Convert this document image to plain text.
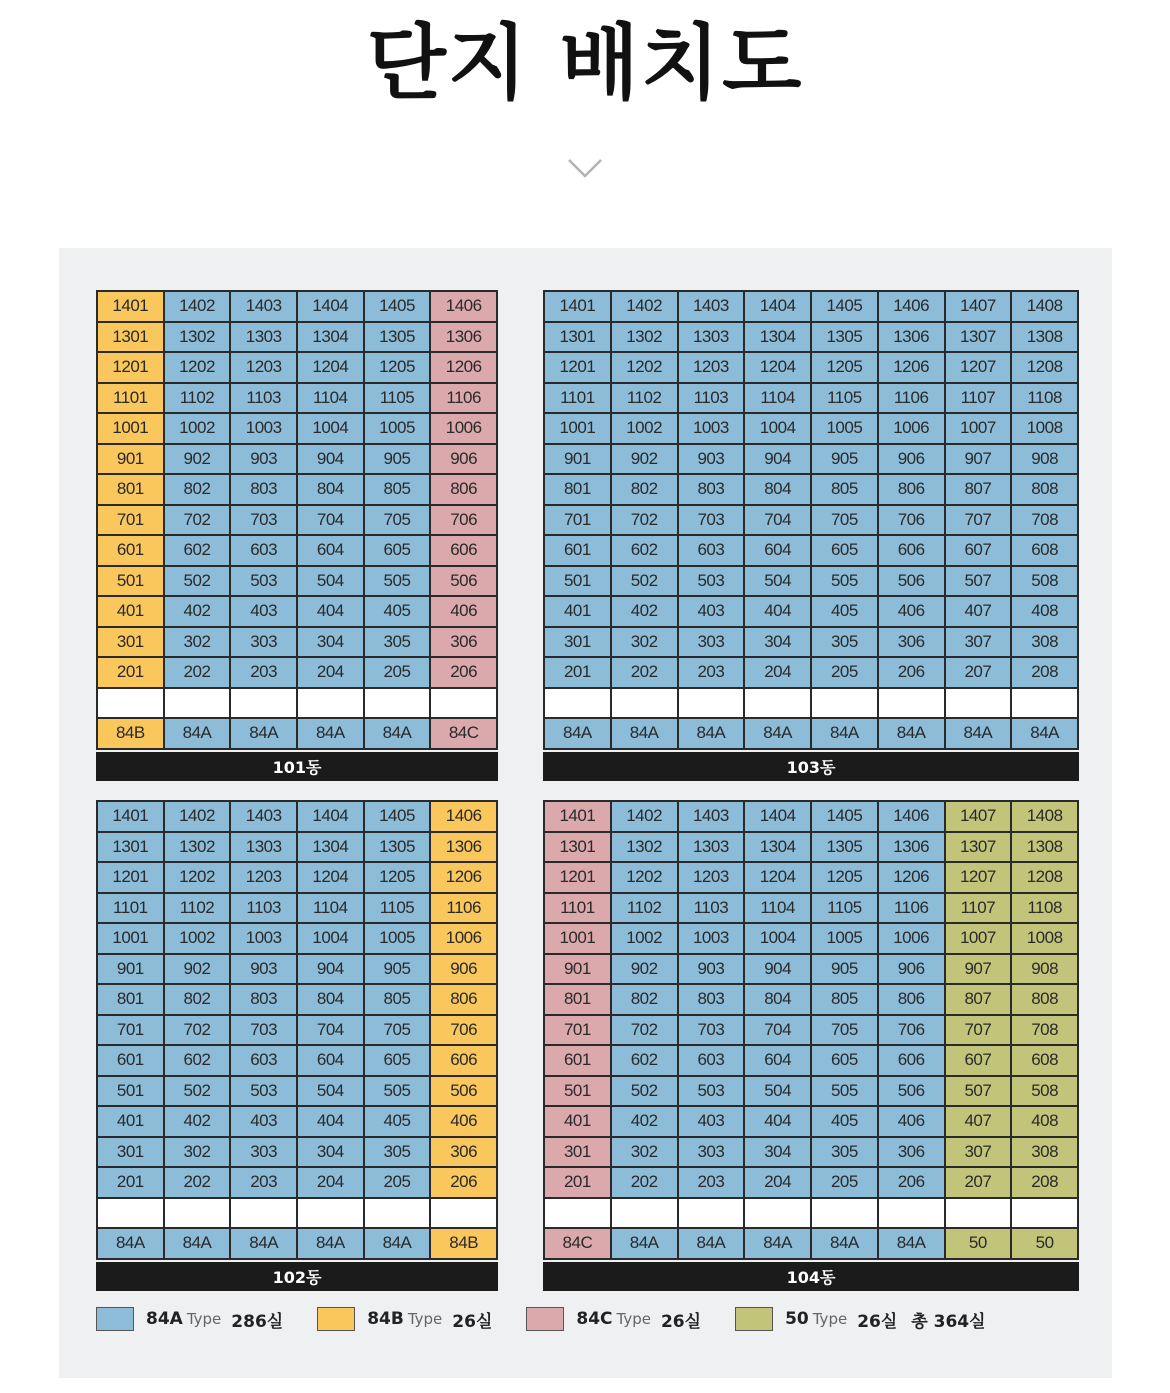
단지 배치도
1401	1402	1403	1404	1405	1406
1301	1302	1303	1304	1305	1306
1201	1202	1203	1204	1205	1206
1101	1102	1103	1104	1105	1106
1001	1002	1003	1004	1005	1006
901	902	903	904	905	906
801	802	803	804	805	806
701	702	703	704	705	706
601	602	603	604	605	606
501	502	503	504	505	506
401	402	403	404	405	406
301	302	303	304	305	306
201	202	203	204	205	206
84B	84A	84A	84A	84A	84C
101동
1401	1402	1403	1404	1405	1406	1407	1408
1301	1302	1303	1304	1305	1306	1307	1308
1201	1202	1203	1204	1205	1206	1207	1208
1101	1102	1103	1104	1105	1106	1107	1108
1001	1002	1003	1004	1005	1006	1007	1008
901	902	903	904	905	906	907	908
801	802	803	804	805	806	807	808
701	702	703	704	705	706	707	708
601	602	603	604	605	606	607	608
501	502	503	504	505	506	507	508
401	402	403	404	405	406	407	408
301	302	303	304	305	306	307	308
201	202	203	204	205	206	207	208
84A	84A	84A	84A	84A	84A	84A	84A
103동
1401	1402	1403	1404	1405	1406
1301	1302	1303	1304	1305	1306
1201	1202	1203	1204	1205	1206
1101	1102	1103	1104	1105	1106
1001	1002	1003	1004	1005	1006
901	902	903	904	905	906
801	802	803	804	805	806
701	702	703	704	705	706
601	602	603	604	605	606
501	502	503	504	505	506
401	402	403	404	405	406
301	302	303	304	305	306
201	202	203	204	205	206
84A	84A	84A	84A	84A	84B
102동
1401	1402	1403	1404	1405	1406	1407	1408
1301	1302	1303	1304	1305	1306	1307	1308
1201	1202	1203	1204	1205	1206	1207	1208
1101	1102	1103	1104	1105	1106	1107	1108
1001	1002	1003	1004	1005	1006	1007	1008
901	902	903	904	905	906	907	908
801	802	803	804	805	806	807	808
701	702	703	704	705	706	707	708
601	602	603	604	605	606	607	608
501	502	503	504	505	506	507	508
401	402	403	404	405	406	407	408
301	302	303	304	305	306	307	308
201	202	203	204	205	206	207	208
84C	84A	84A	84A	84A	84A	50	50
104동
84A Type 286실	84B Type 26실	84C Type 26실	50 Type 26실 총 364실
